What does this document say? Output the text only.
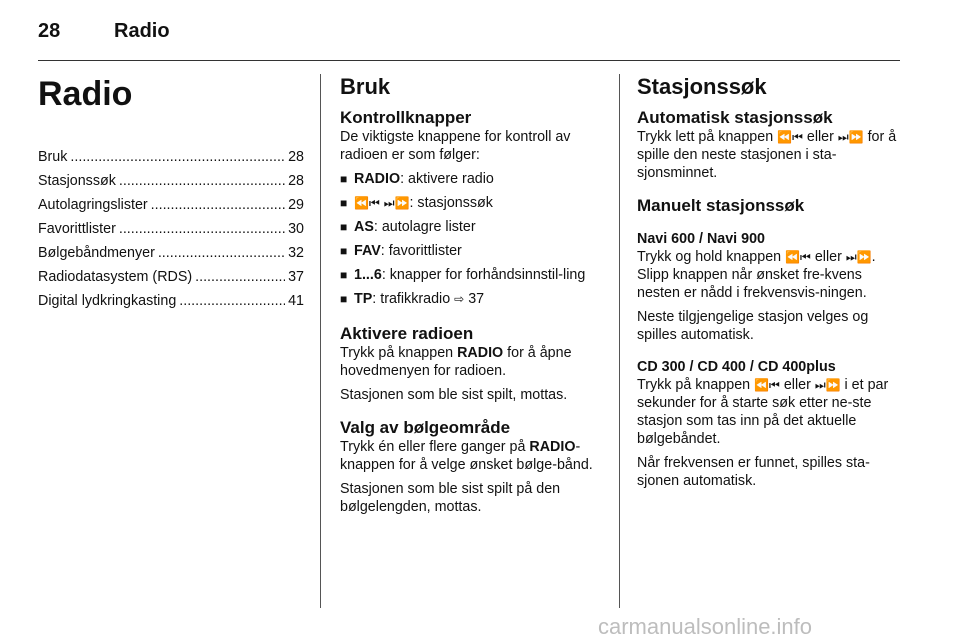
28	Radio
Radio
Bruk .....	28
Stasjonssøk .....	28
Autolagringslister .....	29
Favorittlister .....	30
Bølgebåndmenyer .....	32
Radiodatasystem (RDS) .....	37
Digital lydkringkasting .....	41
Bruk
Kontrollknapper

De viktigste knappene for kontroll av radioen er som følger:

■
RADIO: aktivere radio
■
⏪⏮ ⏭⏩: stasjonssøk
■
AS: autolagre lister
■
FAV: favorittlister
■
1...6: knapper for forhåndsinnstil-ling
■
TP: trafikkradio ⇨ 37
Aktivere radioen

Trykk på knappen RADIO for å åpne hovedmenyen for radioen.

Stasjonen som ble sist spilt, mottas.

Valg av bølgeområde

Trykk én eller flere ganger på RADIO-knappen for å velge ønsket bølge-bånd.

Stasjonen som ble sist spilt på den bølgelengden, mottas.

Stasjonssøk
Automatisk stasjonssøk

Trykk lett på knappen ⏪⏮ eller ⏭⏩ for å spille den neste stasjonen i sta-sjonsminnet.

Manuelt stasjonssøk
Navi 600 / Navi 900

Trykk og hold knappen ⏪⏮ eller ⏭⏩. Slipp knappen når ønsket fre-kvens nesten er nådd i frekvensvis-ningen.

Neste tilgjengelige stasjon velges og spilles automatisk.

CD 300 / CD 400 / CD 400plus

Trykk på knappen ⏪⏮ eller ⏭⏩ i et par sekunder for å starte søk etter ne-ste stasjon som tas inn på det aktuelle bølgebåndet.

Når frekvensen er funnet, spilles sta-sjonen automatisk.

carmanualsonline.info
